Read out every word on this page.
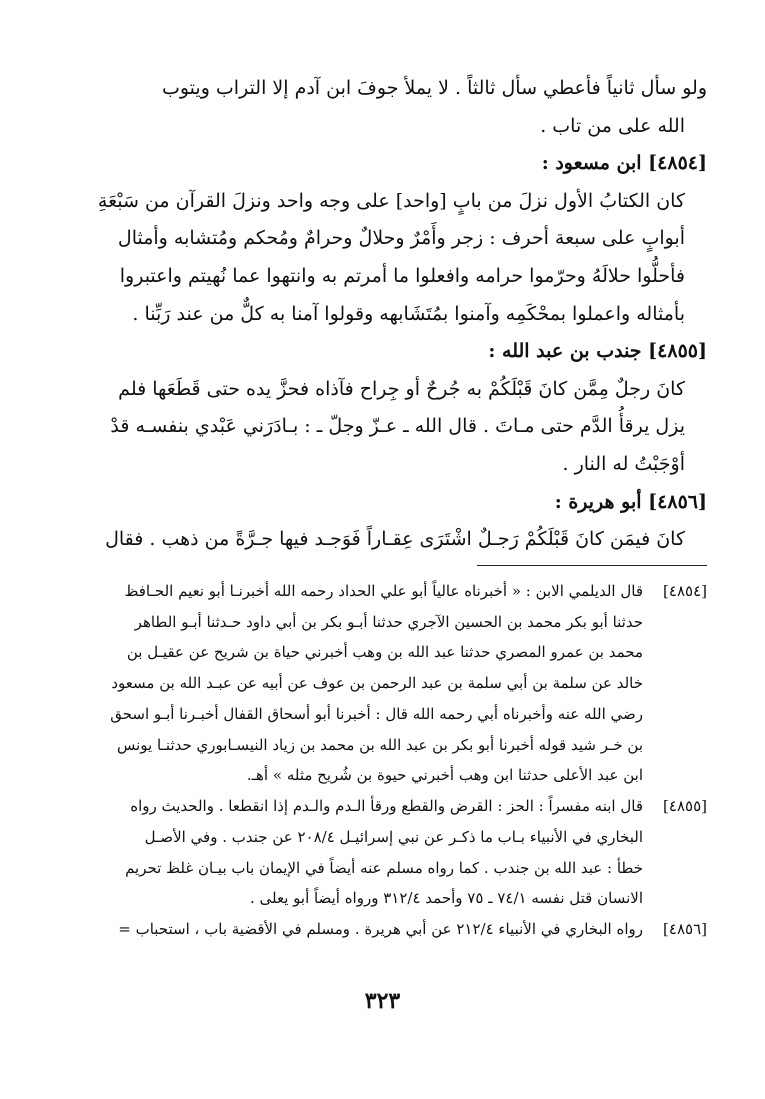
ولو سأل ثانياً فأعطي سأل ثالثاً . لا يملأ جوفَ ابن آدم إلا التراب ويتوب

الله على من تاب .

[٤٨٥٤] ابن مسعود :

كان الكتابُ الأول نزلَ من بابٍ [واحد] على وجه واحد ونزلَ القرآن من سَبْعَةِ

أبوابٍ على سبعة أحرف : زجر وأَمْرٌ وحلالٌ وحرامٌ ومُحكم ومُتشابه وأمثال

فأحلُّوا حلالَهُ وحرّموا حرامه وافعلوا ما أمرتم به وانتهوا عما نُهيتم واعتبروا

بأمثاله واعملوا بمحْكَمِه وآمنوا بمُتَشَابهه وقولوا آمنا به كلٌّ من عند رَبِّنا .

[٤٨٥٥] جندب بن عبد الله :

كانَ رجلٌ مِمَّن كانَ قَبْلَكُمْ به جُرحٌ أو جِراح فآذاه فحزَّ يده حتى قَطَعَها فلم

يزل يرقأُ الدَّم حتى مـاتَ . قال الله ـ عـزّ وجلّ ـ : بـادَرَني عَبْدي بنفسـه قدْ

أوْجَبْتُ له النار .

[٤٨٥٦] أبو هريرة :

كانَ فيمَن كانَ قَبْلَكُمْ رَجـلٌ اشْتَرَى عِقـاراً فَوَجـد فيها جـرَّةً من ذهب . فقال

[٤٨٥٤]
قال الديلمي الابن : « أخبرناه عالياً أبو علي الحداد رحمه الله أخبرنـا أبو نعيم الحـافظ
حدثنا أبو بكر محمد بن الحسين الآجري حدثنا أبـو بكر بن أبي داود حـدثنا أبـو الطاهر
محمد بن عمرو المصري حدثنا عبد الله بن وهب أخبرني حياة بن شريح عن عقيـل بن
خالد عن سلمة بن أبي سلمة بن عبد الرحمن بن عوف عن أبيه عن عبـد الله بن مسعود
رضي الله عنه وأخبرناه أبي رحمه الله قال : أخبرنا أبو أسحاق القفال أخبـرنا أبـو اسحق
بن خـر شيد قوله أخبرنا أبو بكر بن عبد الله بن محمد بن زياد النيسـابوري حدثنـا يونس
ابن عبد الأعلى حدثنا ابن وهب أخبرني حيوة بن شُريح مثله » أهـ.
[٤٨٥٥]
قال ابنه مفسراً : الحز : القرض والقطع ورقأ الـدم والـدم إذا انقطعا . والحديث رواه
البخاري في الأنبياء بـاب ما ذكـر عن نبي إسرائيـل ٢٠٨/٤ عن جندب . وفي الأصـل
خطأ : عبد الله بن جندب . كما رواه مسلم عنه أيضاً في الإيمان باب بيـان غلظ تحريم
الانسان قتل نفسه ٧٤/١ ـ ٧٥ وأحمد ٣١٢/٤ ورواه أيضاً أبو يعلى .
[٤٨٥٦]
رواه البخاري في الأنبياء ٢١٢/٤ عن أبي هريرة . ومسلم في الأقضية باب ، استحباب =
٣٢٣
